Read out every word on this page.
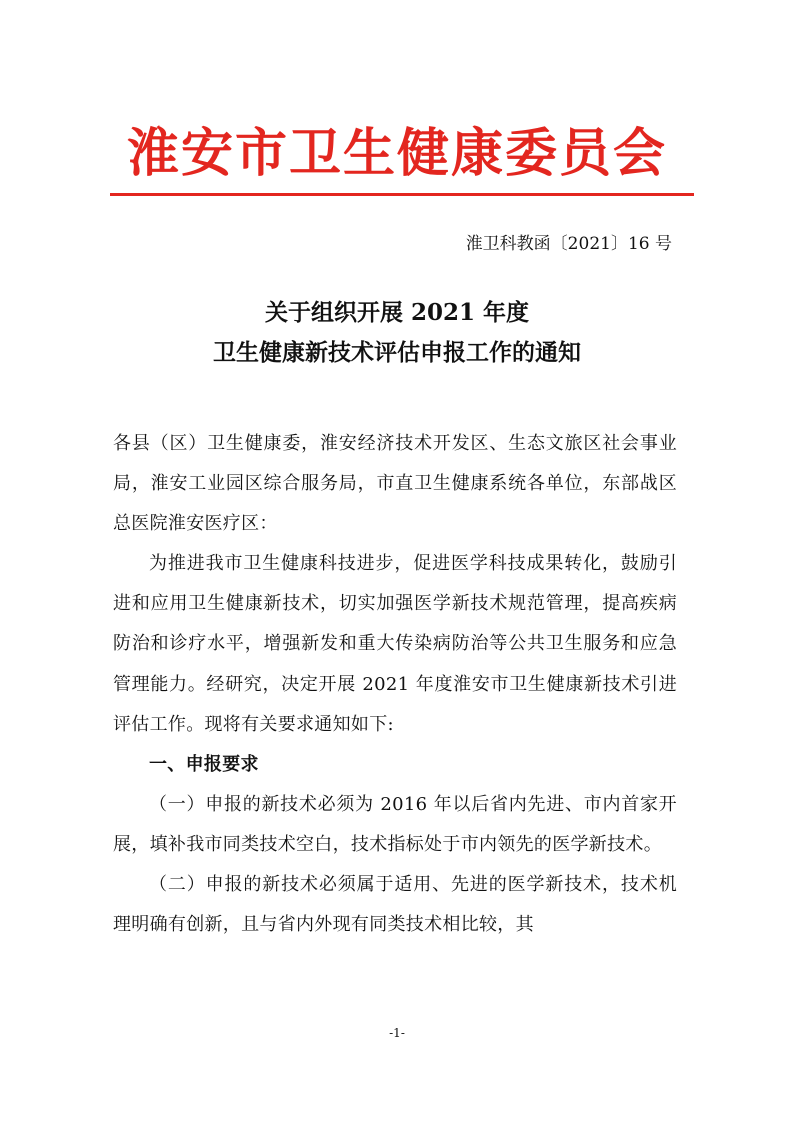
淮安市卫生健康委员会
淮卫科教函〔2021〕16 号
关于组织开展 2021 年度
卫生健康新技术评估申报工作的通知

各县（区）卫生健康委，淮安经济技术开发区、生态文旅区社会事业局，淮安工业园区综合服务局，市直卫生健康系统各单位，东部战区总医院淮安医疗区：

为推进我市卫生健康科技进步，促进医学科技成果转化，鼓励引进和应用卫生健康新技术，切实加强医学新技术规范管理，提高疾病防治和诊疗水平，增强新发和重大传染病防治等公共卫生服务和应急管理能力。经研究，决定开展 2021 年度淮安市卫生健康新技术引进评估工作。现将有关要求通知如下:

一、申报要求

（一）申报的新技术必须为 2016 年以后省内先进、市内首家开展，填补我市同类技术空白，技术指标处于市内领先的医学新技术。

（二）申报的新技术必须属于适用、先进的医学新技术，技术机理明确有创新，且与省内外现有同类技术相比较，其

-1-
